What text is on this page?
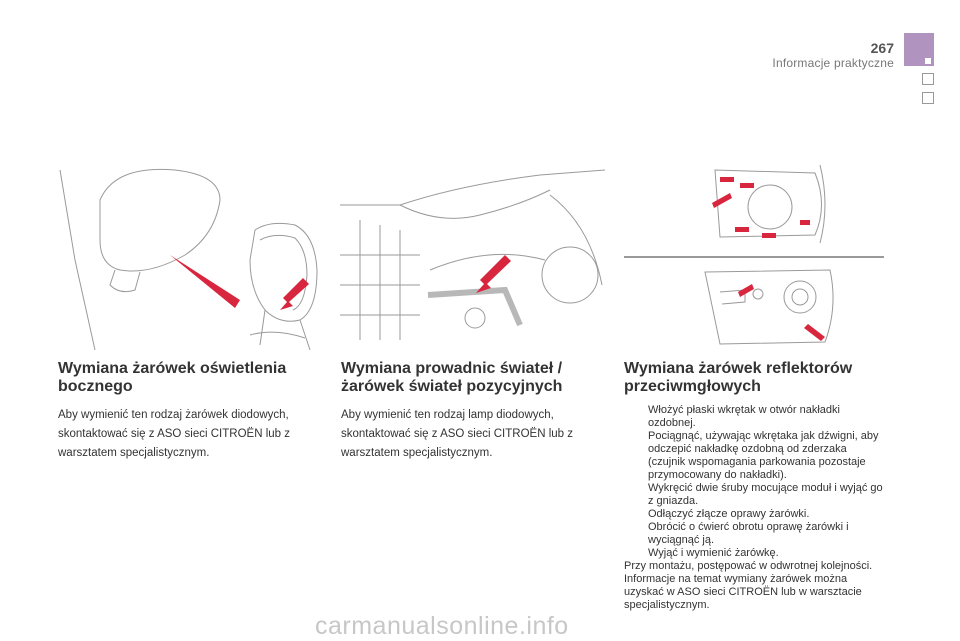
267
Informacje praktyczne
Wymiana żarówek oświetlenia bocznego

Aby wymienić ten rodzaj żarówek diodowych, skontaktować się z ASO sieci CITROËN lub z warsztatem specjalistycznym.

Wymiana prowadnic świateł / żarówek świateł pozycyjnych

Aby wymienić ten rodzaj lamp diodowych, skontaktować się z ASO sieci CITROËN lub z warsztatem specjalistycznym.

Wymiana żarówek reflektorów przeciwmgłowych
Włożyć płaski wkrętak w otwór nakładki ozdobnej.
Pociągnąć, używając wkrętaka jak dźwigni, aby odczepić nakładkę ozdobną od zderzaka (czujnik wspomagania parkowania pozostaje przymocowany do nakładki).
Wykręcić dwie śruby mocujące moduł i wyjąć go z gniazda.
Odłączyć złącze oprawy żarówki.
Obrócić o ćwierć obrotu oprawę żarówki i wyciągnąć ją.
Wyjąć i wymienić żarówkę.
Przy montażu, postępować w odwrotnej kolejności.
Informacje na temat wymiany żarówek można uzyskać w ASO sieci CITROËN lub w warsztacie specjalistycznym.
carmanualsonline.info
